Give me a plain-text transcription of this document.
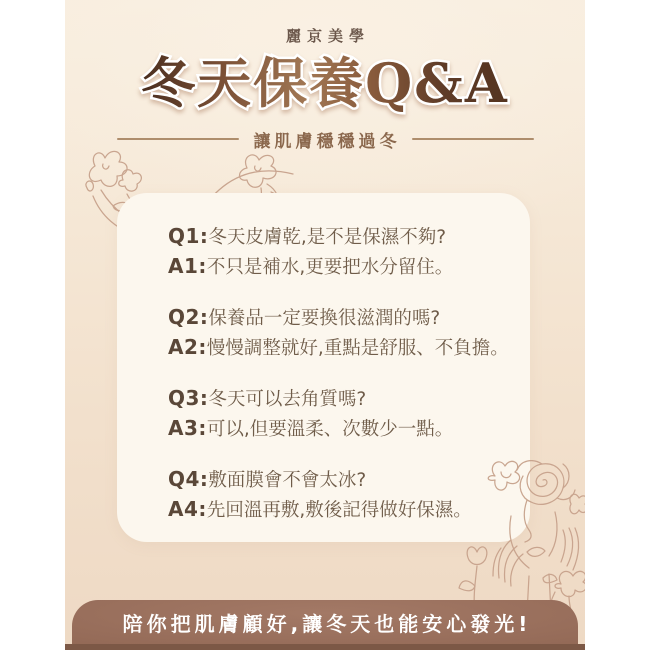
麗京美學
冬天保養Q&A
讓肌膚穩穩過冬

Q1:冬天皮膚乾,是不是保濕不夠?

A1:不只是補水,更要把水分留住。

Q2:保養品一定要換很滋潤的嗎?

A2:慢慢調整就好,重點是舒服、不負擔。

Q3:冬天可以去角質嗎?

A3:可以,但要溫柔、次數少一點。

Q4:敷面膜會不會太冰?

A4:先回溫再敷,敷後記得做好保濕。

陪你把肌膚顧好,讓冬天也能安心發光!
